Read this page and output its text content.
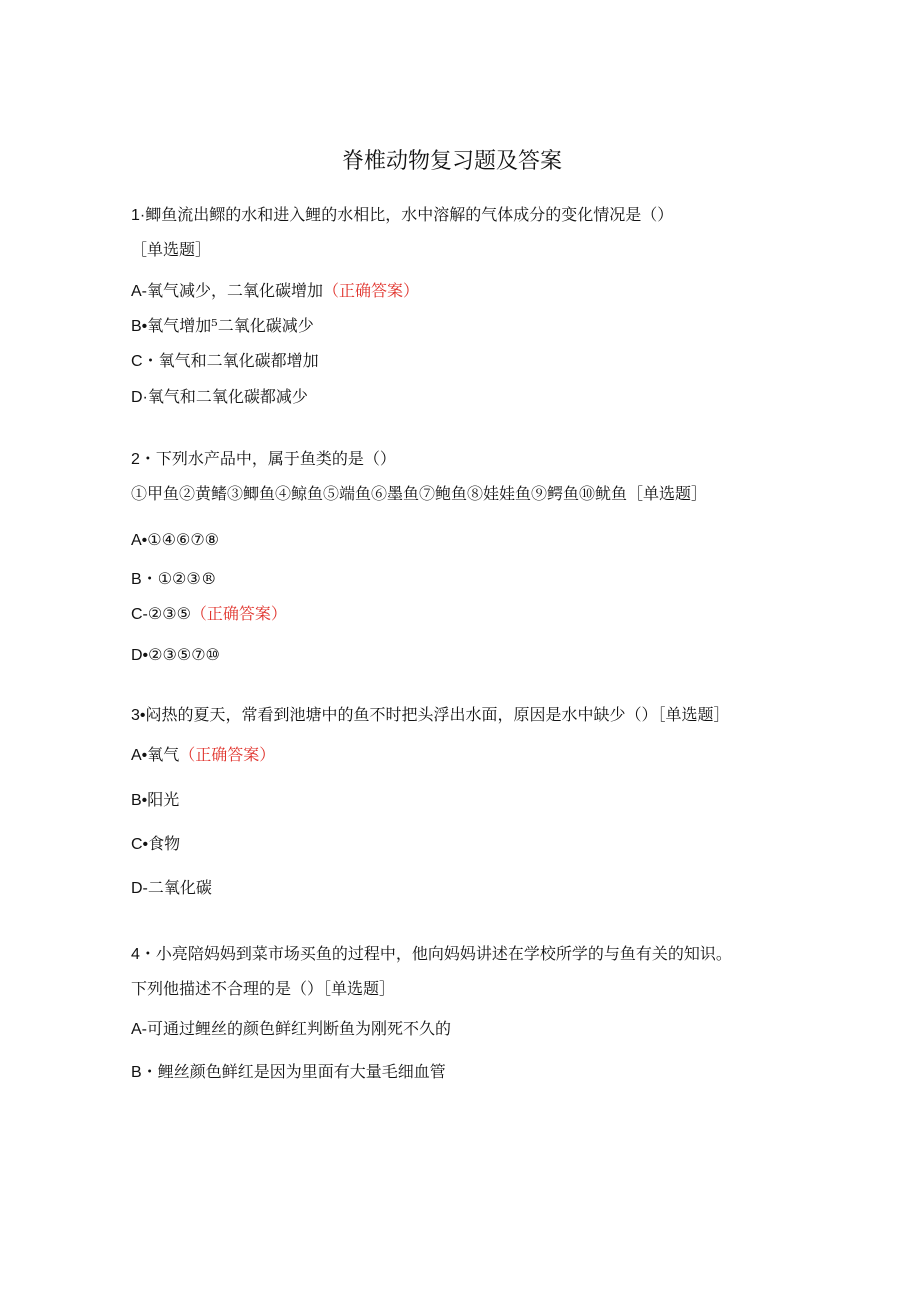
脊椎动物复习题及答案
1·鲫鱼流出鳏的水和进入鲤的水相比，水中溶解的气体成分的变化情况是（）
［单选题］
A-氧气减少，二氧化碳增加（正确答案）
B•氧气增加⁵二氧化碳减少
C・氧气和二氧化碳都增加
D·氧气和二氧化碳都减少
2・下列水产品中，属于鱼类的是（）
①甲鱼②黄鳍③鲫鱼④鲸鱼⑤端鱼⑥墨鱼⑦鲍鱼⑧娃娃鱼⑨鳄鱼⑩鱿鱼［单选题］
A•①④⑥⑦⑧
B・①②③®
C-②③⑤（正确答案）
D•②③⑤⑦⑩
3•闷热的夏天，常看到池塘中的鱼不时把头浮出水面，原因是水中缺少（）［单选题］
A•氧气（正确答案）
B•阳光
C•食物
D-二氧化碳
4・小亮陪妈妈到菜市场买鱼的过程中，他向妈妈讲述在学校所学的与鱼有关的知识。
下列他描述不合理的是（）［单选题］
A-可通过鲤丝的颜色鲜红判断鱼为刚死不久的
B・鲤丝颜色鲜红是因为里面有大量毛细血管
